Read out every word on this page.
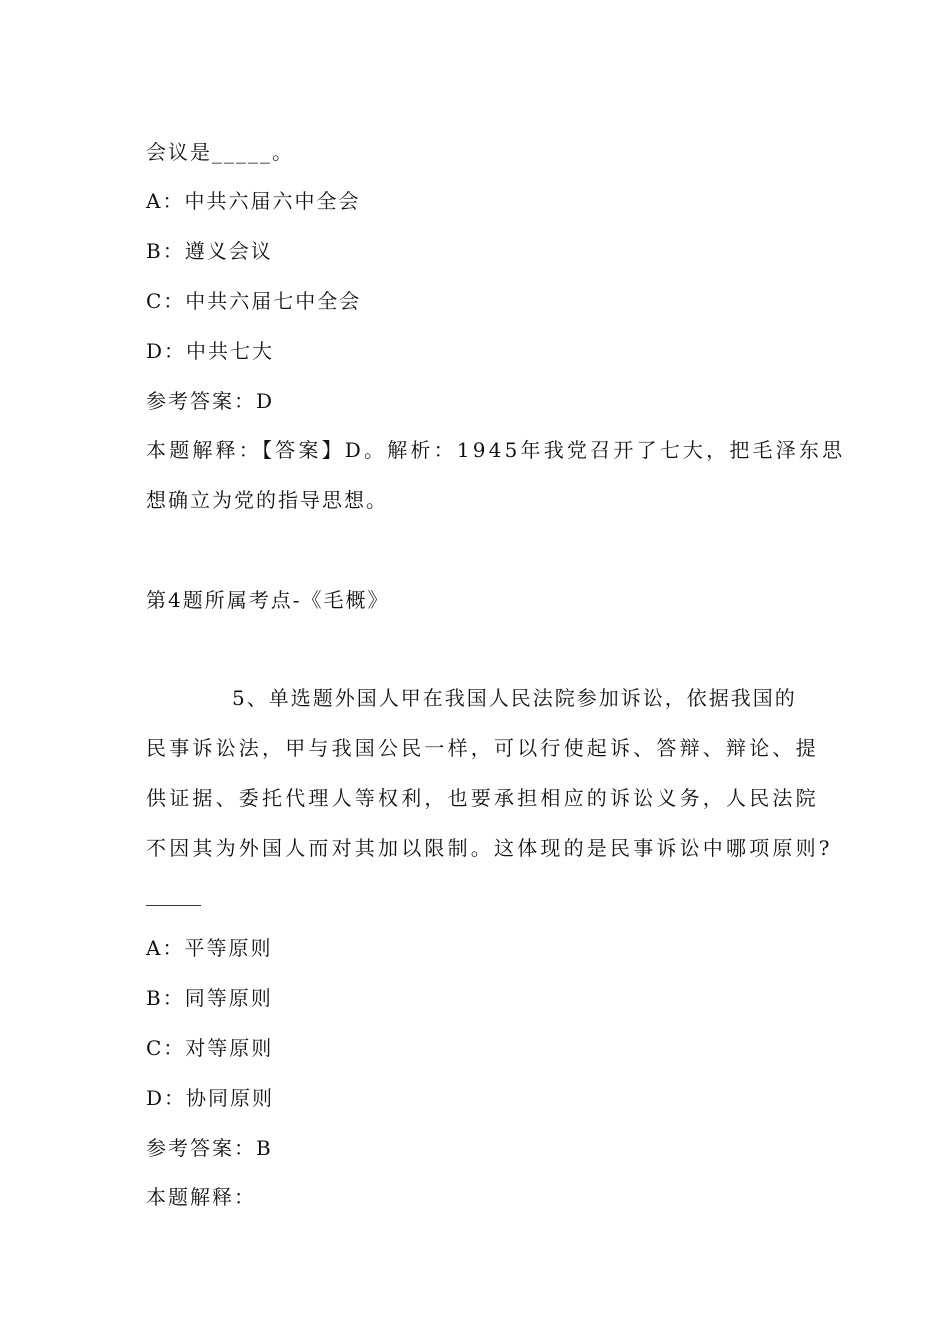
会议是_____。
A：中共六届六中全会
B：遵义会议
C：中共六届七中全会
D：中共七大
参考答案：D
本题解释：【答案】D。解析：1945年我党召开了七大，把毛泽东思
想确立为党的指导思想。
第4题所属考点-《毛概》
5、单选题外国人甲在我国人民法院参加诉讼，依据我国的
民事诉讼法，甲与我国公民一样，可以行使起诉、答辩、辩论、提
供证据、委托代理人等权利，也要承担相应的诉讼义务，人民法院
不因其为外国人而对其加以限制。这体现的是民事诉讼中哪项原则?
A：平等原则
B：同等原则
C：对等原则
D：协同原则
参考答案：B
本题解释：
